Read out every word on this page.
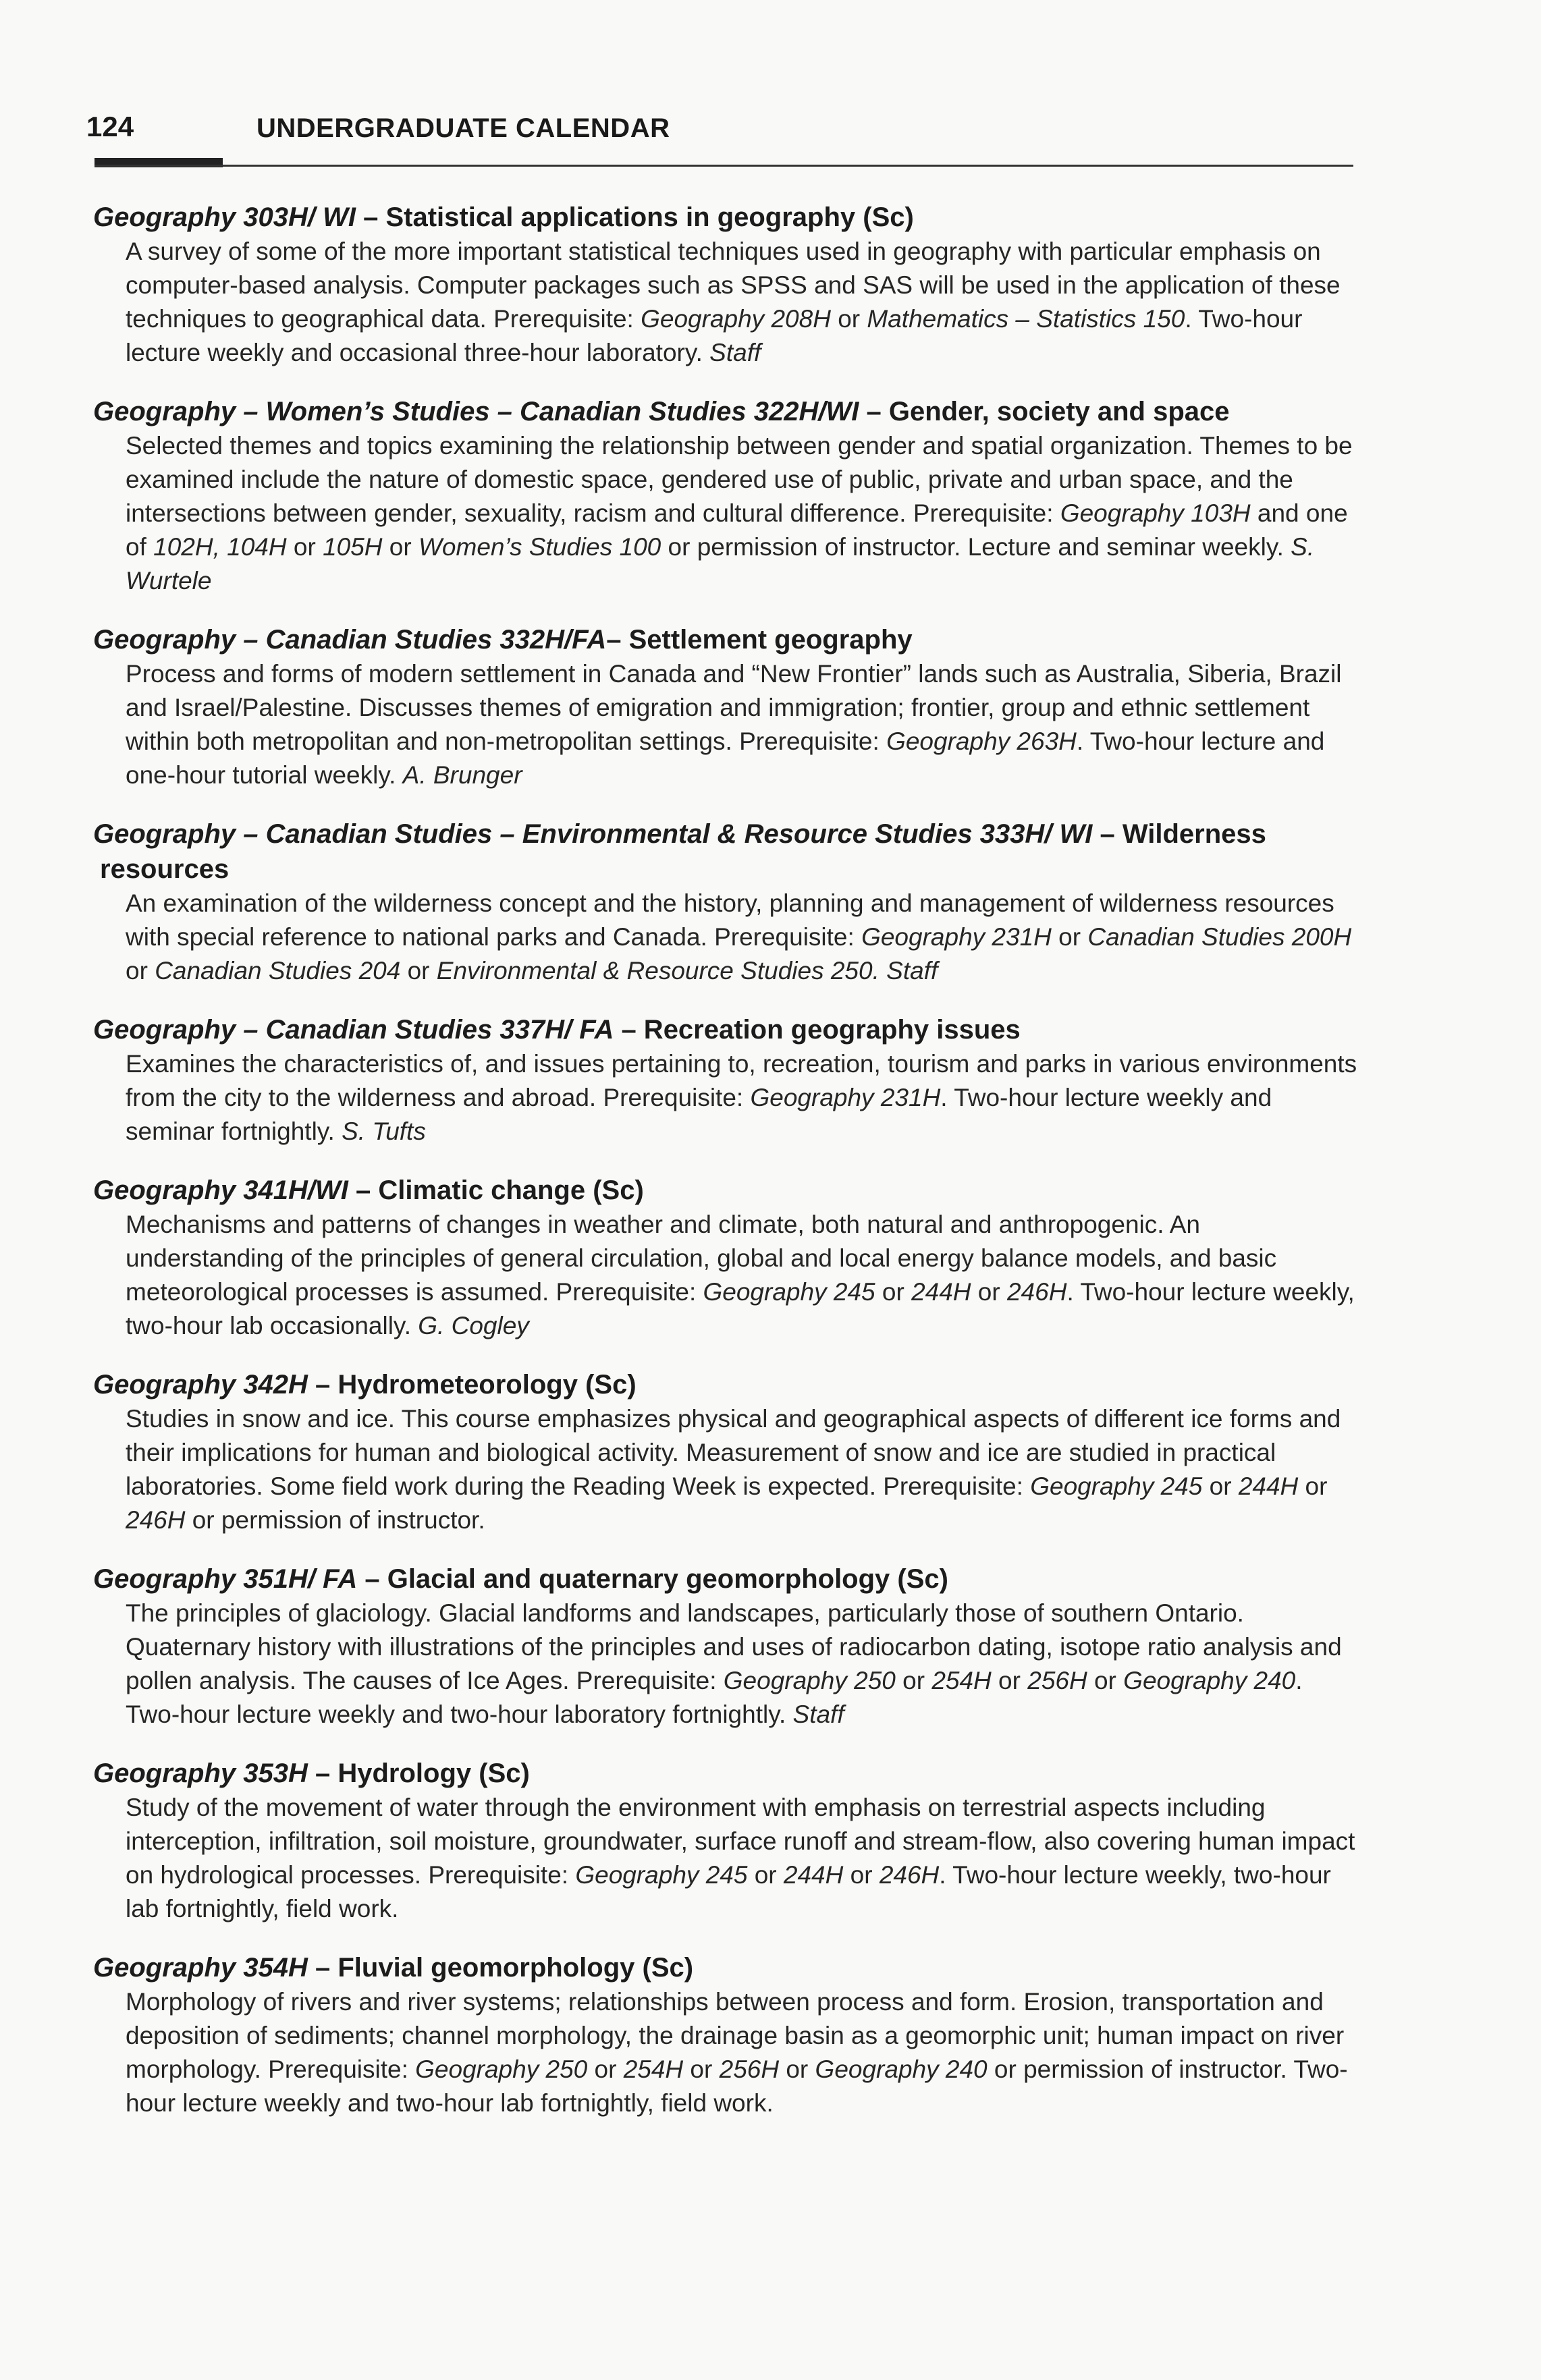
124	UNDERGRADUATE CALENDAR
Geography 303H/ WI – Statistical applications in geography (Sc)
A survey of some of the more important statistical techniques used in geography with particular emphasis on computer-based analysis. Computer packages such as SPSS and SAS will be used in the application of these techniques to geographical data. Prerequisite: Geography 208H or Mathematics – Statistics 150. Two-hour lecture weekly and occasional three-hour laboratory. Staff
Geography – Women’s Studies – Canadian Studies 322H/WI – Gender, society and space
Selected themes and topics examining the relationship between gender and spatial organization. Themes to be examined include the nature of domestic space, gendered use of public, private and urban space, and the intersections between gender, sexuality, racism and cultural difference. Prerequisite: Geography 103H and one of 102H, 104H or 105H or Women’s Studies 100 or permission of instructor. Lecture and seminar weekly. S. Wurtele
Geography – Canadian Studies 332H/FA– Settlement geography
Process and forms of modern settlement in Canada and “New Frontier” lands such as Australia, Siberia, Brazil and Israel/Palestine. Discusses themes of emigration and immigration; frontier, group and ethnic settlement within both metropolitan and non-metropolitan settings. Prerequisite: Geography 263H. Two-hour lecture and one-hour tutorial weekly. A. Brunger
Geography – Canadian Studies – Environmental & Resource Studies 333H/ WI – Wilderness resources
An examination of the wilderness concept and the history, planning and management of wilderness resources with special reference to national parks and Canada. Prerequisite: Geography 231H or Canadian Studies 200H or Canadian Studies 204 or Environmental & Resource Studies 250. Staff
Geography – Canadian Studies 337H/ FA – Recreation geography issues
Examines the characteristics of, and issues pertaining to, recreation, tourism and parks in various environments from the city to the wilderness and abroad. Prerequisite: Geography 231H. Two-hour lecture weekly and seminar fortnightly. S. Tufts
Geography 341H/WI – Climatic change (Sc)
Mechanisms and patterns of changes in weather and climate, both natural and anthropogenic. An understanding of the principles of general circulation, global and local energy balance models, and basic meteorological processes is assumed. Prerequisite: Geography 245 or 244H or 246H. Two-hour lecture weekly, two-hour lab occasionally. G. Cogley
Geography 342H – Hydrometeorology (Sc)
Studies in snow and ice. This course emphasizes physical and geographical aspects of different ice forms and their implications for human and biological activity. Measurement of snow and ice are studied in practical laboratories. Some field work during the Reading Week is expected. Prerequisite: Geography 245 or 244H or 246H or permission of instructor.
Geography 351H/ FA – Glacial and quaternary geomorphology (Sc)
The principles of glaciology. Glacial landforms and landscapes, particularly those of southern Ontario. Quaternary history with illustrations of the principles and uses of radiocarbon dating, isotope ratio analysis and pollen analysis. The causes of Ice Ages. Prerequisite: Geography 250 or 254H or 256H or Geography 240. Two-hour lecture weekly and two-hour laboratory fortnightly. Staff
Geography 353H – Hydrology (Sc)
Study of the movement of water through the environment with emphasis on terrestrial aspects including interception, infiltration, soil moisture, groundwater, surface runoff and stream-flow, also covering human impact on hydrological processes. Prerequisite: Geography 245 or 244H or 246H. Two-hour lecture weekly, two-hour lab fortnightly, field work.
Geography 354H – Fluvial geomorphology (Sc)
Morphology of rivers and river systems; relationships between process and form. Erosion, transportation and deposition of sediments; channel morphology, the drainage basin as a geomorphic unit; human impact on river morphology. Prerequisite: Geography 250 or 254H or 256H or Geography 240 or permission of instructor. Two-hour lecture weekly and two-hour lab fortnightly, field work.
